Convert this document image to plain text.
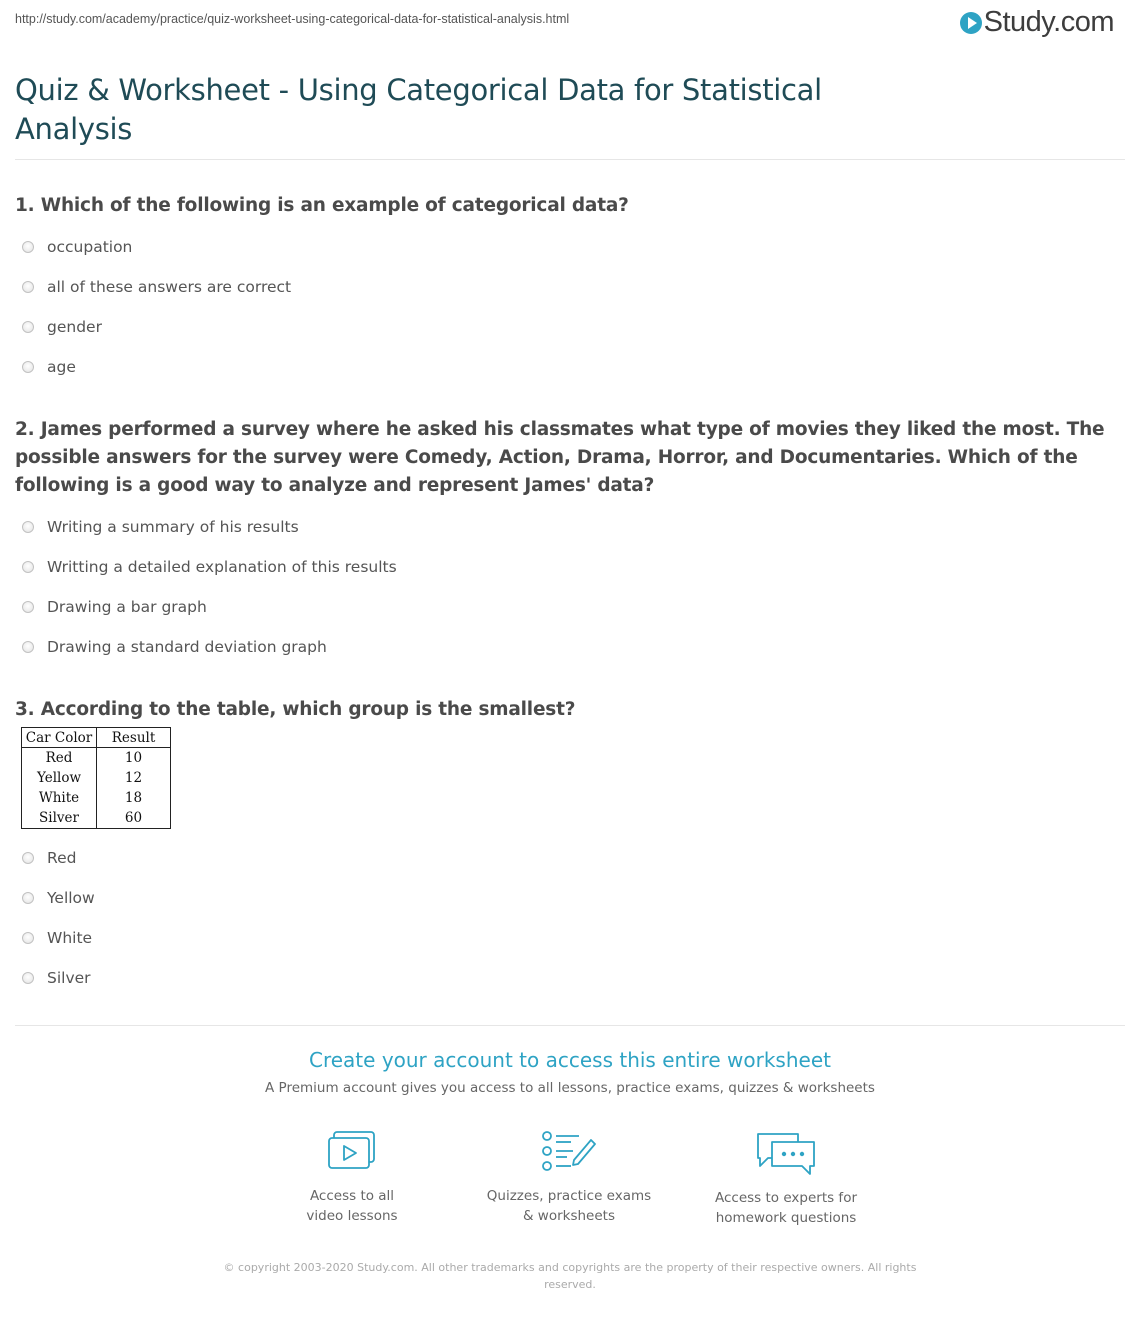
http://study.com/academy/practice/quiz-worksheet-using-categorical-data-for-statistical-analysis.html	Study.com
Quiz & Worksheet - Using Categorical Data for Statistical Analysis
1. Which of the following is an example of categorical data?
occupation
all of these answers are correct
gender
age
2. James performed a survey where he asked his classmates what type of movies they liked the most. The possible answers for the survey were Comedy, Action, Drama, Horror, and Documentaries. Which of the following is a good way to analyze and represent James' data?
Writing a summary of his results
Writting a detailed explanation of this results
Drawing a bar graph
Drawing a standard deviation graph
3. According to the table, which group is the smallest?
Car Color	Result
Red	10
Yellow	12
White	18
Silver	60
Red
Yellow
White
Silver
Create your account to access this entire worksheet
A Premium account gives you access to all lessons, practice exams, quizzes & worksheets
Access to all
video lessons
Quizzes, practice exams
& worksheets
Access to experts for
homework questions
© copyright 2003-2020 Study.com. All other trademarks and copyrights are the property of their respective owners. All rights reserved.
